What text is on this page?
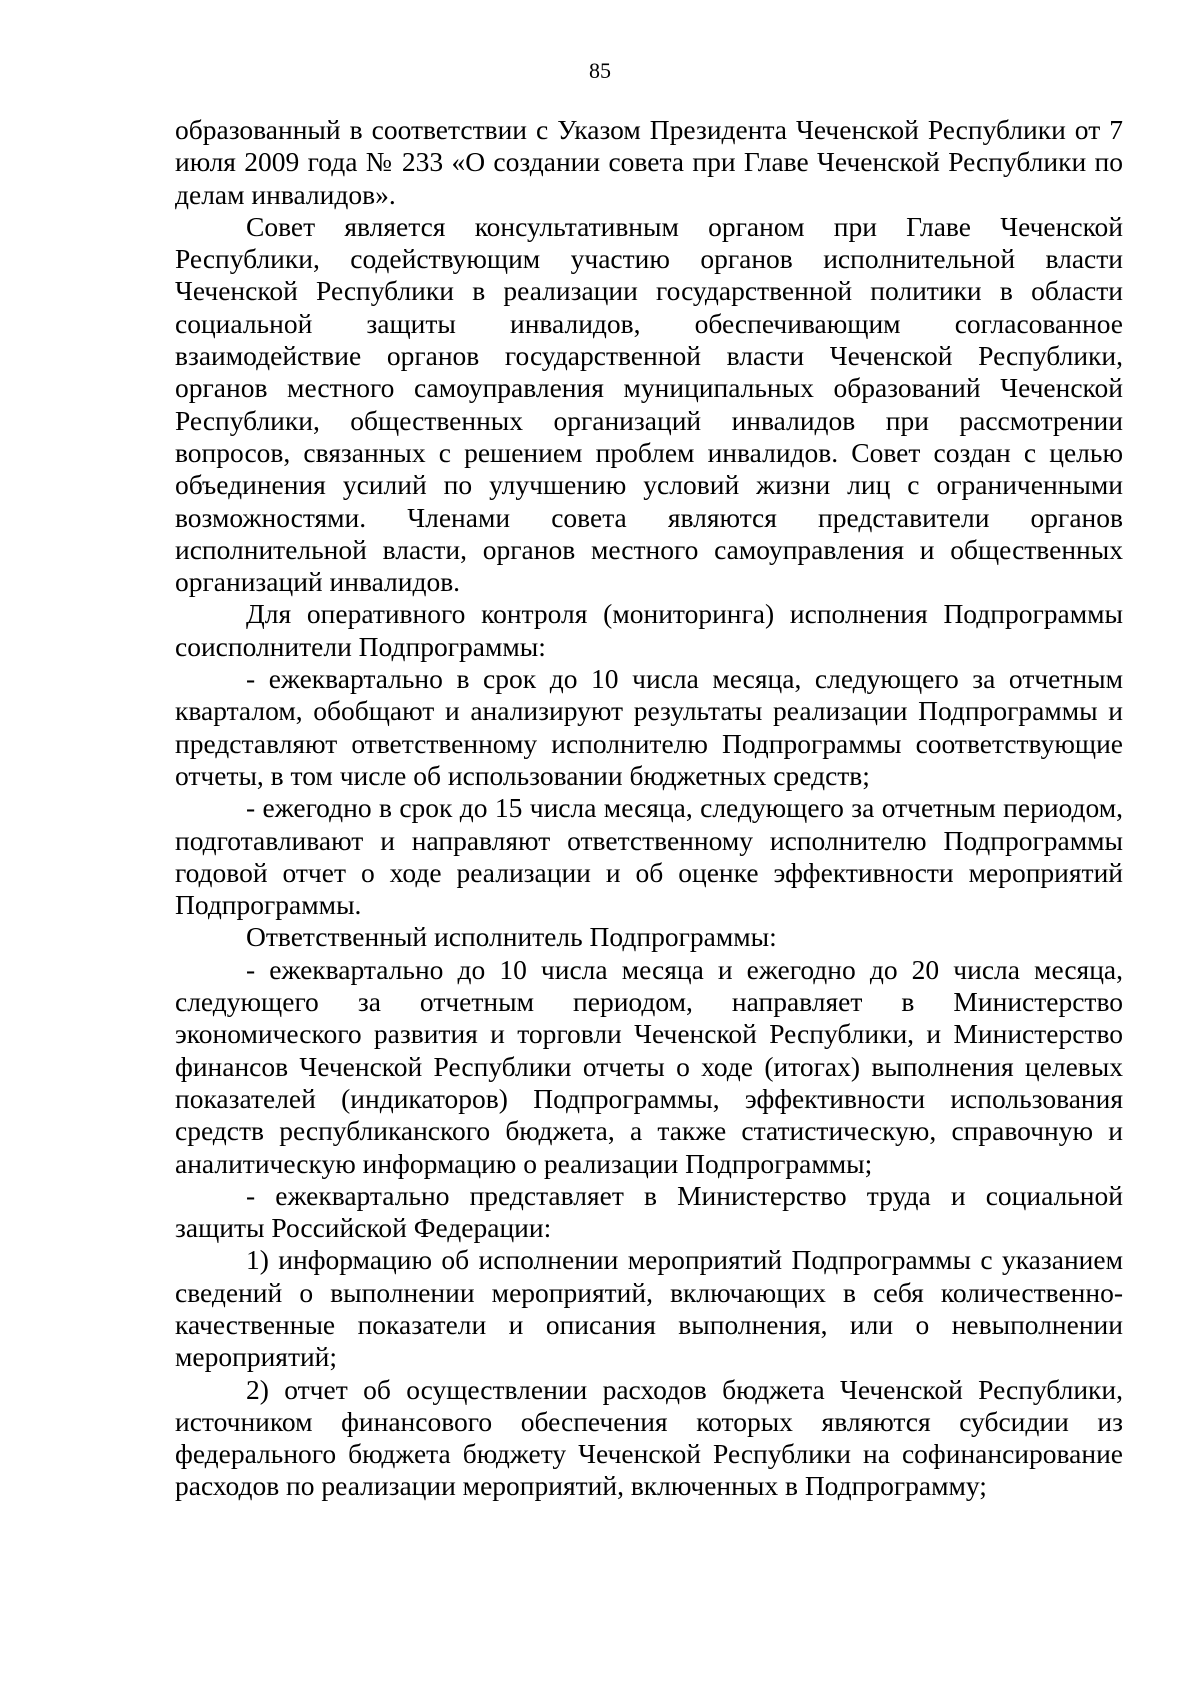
85

образованный в соответствии с Указом Президента Чеченской Республики от 7 июля 2009 года № 233 «О создании совета при Главе Чеченской Республики по делам инвалидов».

Совет является консультативным органом при Главе Чеченской Республики, содействующим участию органов исполнительной власти Чеченской Республики в реализации государственной политики в области социальной защиты инвалидов, обеспечивающим согласованное взаимодействие органов государственной власти Чеченской Республики, органов местного самоуправления муниципальных образований Чеченской Республики, общественных организаций инвалидов при рассмотрении вопросов, связанных с решением проблем инвалидов. Совет создан с целью объединения усилий по улучшению условий жизни лиц с ограниченными возможностями. Членами совета являются представители органов исполнительной власти, органов местного самоуправления и общественных организаций инвалидов.

Для оперативного контроля (мониторинга) исполнения Подпрограммы соисполнители Подпрограммы:

- ежеквартально в срок до 10 числа месяца, следующего за отчетным кварталом, обобщают и анализируют результаты реализации Подпрограммы и представляют ответственному исполнителю Подпрограммы соответствующие отчеты, в том числе об использовании бюджетных средств;

- ежегодно в срок до 15 числа месяца, следующего за отчетным периодом, подготавливают и направляют ответственному исполнителю Подпрограммы годовой отчет о ходе реализации и об оценке эффективности мероприятий Подпрограммы.

Ответственный исполнитель Подпрограммы:

- ежеквартально до 10 числа месяца и ежегодно до 20 числа месяца, следующего за отчетным периодом, направляет в Министерство экономического развития и торговли Чеченской Республики, и Министерство финансов Чеченской Республики отчеты о ходе (итогах) выполнения целевых показателей (индикаторов) Подпрограммы, эффективности использования средств республиканского бюджета, а также статистическую, справочную и аналитическую информацию о реализации Подпрограммы;

- ежеквартально представляет в Министерство труда и социальной защиты Российской Федерации:

1) информацию об исполнении мероприятий Подпрограммы с указанием сведений о выполнении мероприятий, включающих в себя количественно-качественные показатели и описания выполнения, или о невыполнении мероприятий;

2) отчет об осуществлении расходов бюджета Чеченской Республики, источником финансового обеспечения которых являются субсидии из федерального бюджета бюджету Чеченской Республики на софинансирование расходов по реализации мероприятий, включенных в Подпрограмму;
